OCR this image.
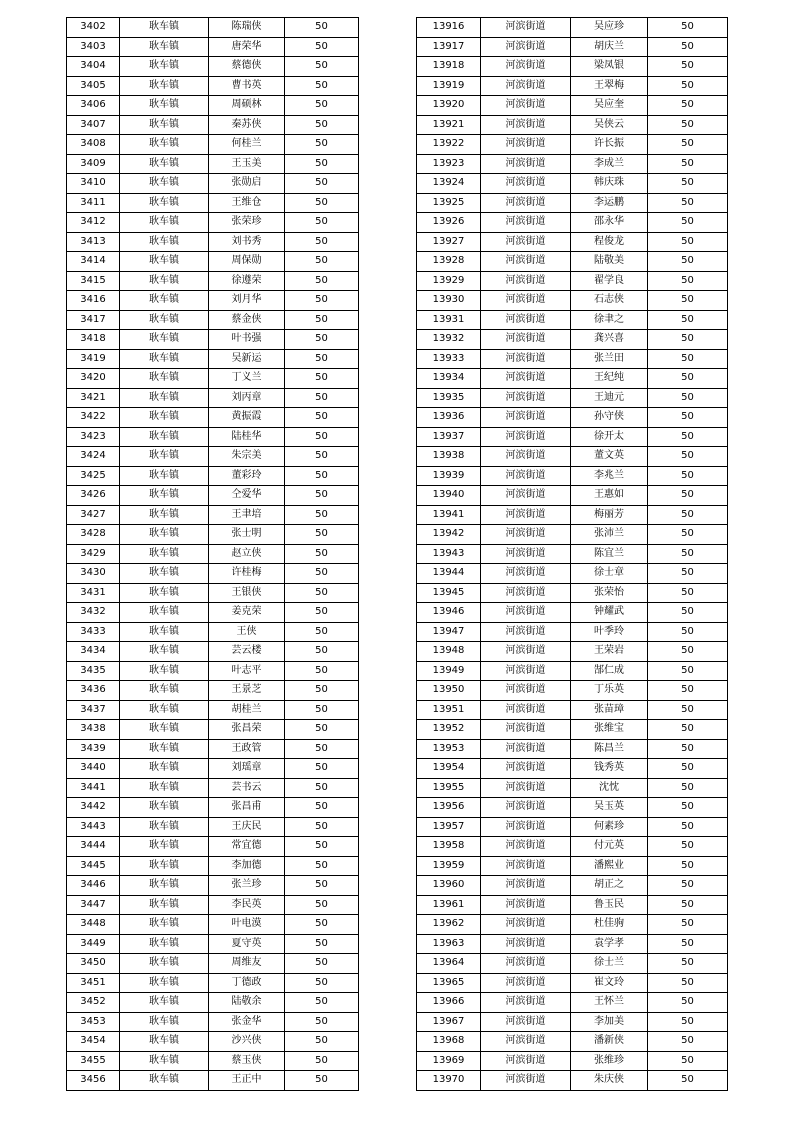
3402	耿车镇	陈瑞侠	50
3403	耿车镇	唐荣华	50
3404	耿车镇	蔡德侠	50
3405	耿车镇	曹书英	50
3406	耿车镇	周硕林	50
3407	耿车镇	秦苏侠	50
3408	耿车镇	何桂兰	50
3409	耿车镇	王玉美	50
3410	耿车镇	张勋启	50
3411	耿车镇	王维仓	50
3412	耿车镇	张荣珍	50
3413	耿车镇	刘书秀	50
3414	耿车镇	周保勋	50
3415	耿车镇	徐遵荣	50
3416	耿车镇	刘月华	50
3417	耿车镇	蔡金侠	50
3418	耿车镇	叶书强	50
3419	耿车镇	吴新运	50
3420	耿车镇	丁义兰	50
3421	耿车镇	刘丙章	50
3422	耿车镇	黄振霞	50
3423	耿车镇	陆桂华	50
3424	耿车镇	朱宗美	50
3425	耿车镇	董彩玲	50
3426	耿车镇	仝爱华	50
3427	耿车镇	王聿培	50
3428	耿车镇	张士明	50
3429	耿车镇	赵立侠	50
3430	耿车镇	许桂梅	50
3431	耿车镇	王银侠	50
3432	耿车镇	姜克荣	50
3433	耿车镇	王侠	50
3434	耿车镇	芸云楼	50
3435	耿车镇	叶志平	50
3436	耿车镇	王景芝	50
3437	耿车镇	胡桂兰	50
3438	耿车镇	张昌荣	50
3439	耿车镇	王政管	50
3440	耿车镇	刘瑶章	50
3441	耿车镇	芸书云	50
3442	耿车镇	张昌甫	50
3443	耿车镇	王庆民	50
3444	耿车镇	常宜德	50
3445	耿车镇	李加德	50
3446	耿车镇	张兰珍	50
3447	耿车镇	李民英	50
3448	耿车镇	叶电漠	50
3449	耿车镇	夏守英	50
3450	耿车镇	周维友	50
3451	耿车镇	丁德政	50
3452	耿车镇	陆敬余	50
3453	耿车镇	张金华	50
3454	耿车镇	沙兴侠	50
3455	耿车镇	蔡玉侠	50
3456	耿车镇	王正中	50
13916	河滨街道	吴应珍	50
13917	河滨街道	胡庆兰	50
13918	河滨街道	梁凤银	50
13919	河滨街道	王翠梅	50
13920	河滨街道	吴应奎	50
13921	河滨街道	吴侠云	50
13922	河滨街道	许长振	50
13923	河滨街道	李成兰	50
13924	河滨街道	韩庆珠	50
13925	河滨街道	李运鹏	50
13926	河滨街道	邵永华	50
13927	河滨街道	程俊龙	50
13928	河滨街道	陆敬美	50
13929	河滨街道	翟学良	50
13930	河滨街道	石志侠	50
13931	河滨街道	徐聿之	50
13932	河滨街道	龚兴喜	50
13933	河滨街道	张兰田	50
13934	河滨街道	王纪纯	50
13935	河滨街道	王迪元	50
13936	河滨街道	孙守侠	50
13937	河滨街道	徐开太	50
13938	河滨街道	董文英	50
13939	河滨街道	李兆兰	50
13940	河滨街道	王惠如	50
13941	河滨街道	梅丽芳	50
13942	河滨街道	张沛兰	50
13943	河滨街道	陈宜兰	50
13944	河滨街道	徐士章	50
13945	河滨街道	张荣怡	50
13946	河滨街道	钟耀武	50
13947	河滨街道	叶季玲	50
13948	河滨街道	王荣岩	50
13949	河滨街道	郜仁成	50
13950	河滨街道	丁乐英	50
13951	河滨街道	张苗璋	50
13952	河滨街道	张维宝	50
13953	河滨街道	陈昌兰	50
13954	河滨街道	钱秀英	50
13955	河滨街道	沈忱	50
13956	河滨街道	吴玉英	50
13957	河滨街道	何素珍	50
13958	河滨街道	付元英	50
13959	河滨街道	潘熙业	50
13960	河滨街道	胡正之	50
13961	河滨街道	鲁玉民	50
13962	河滨街道	杜佳驹	50
13963	河滨街道	袁学孝	50
13964	河滨街道	徐士兰	50
13965	河滨街道	崔文玲	50
13966	河滨街道	王怀兰	50
13967	河滨街道	李加美	50
13968	河滨街道	潘新侠	50
13969	河滨街道	张维珍	50
13970	河滨街道	朱庆侠	50
